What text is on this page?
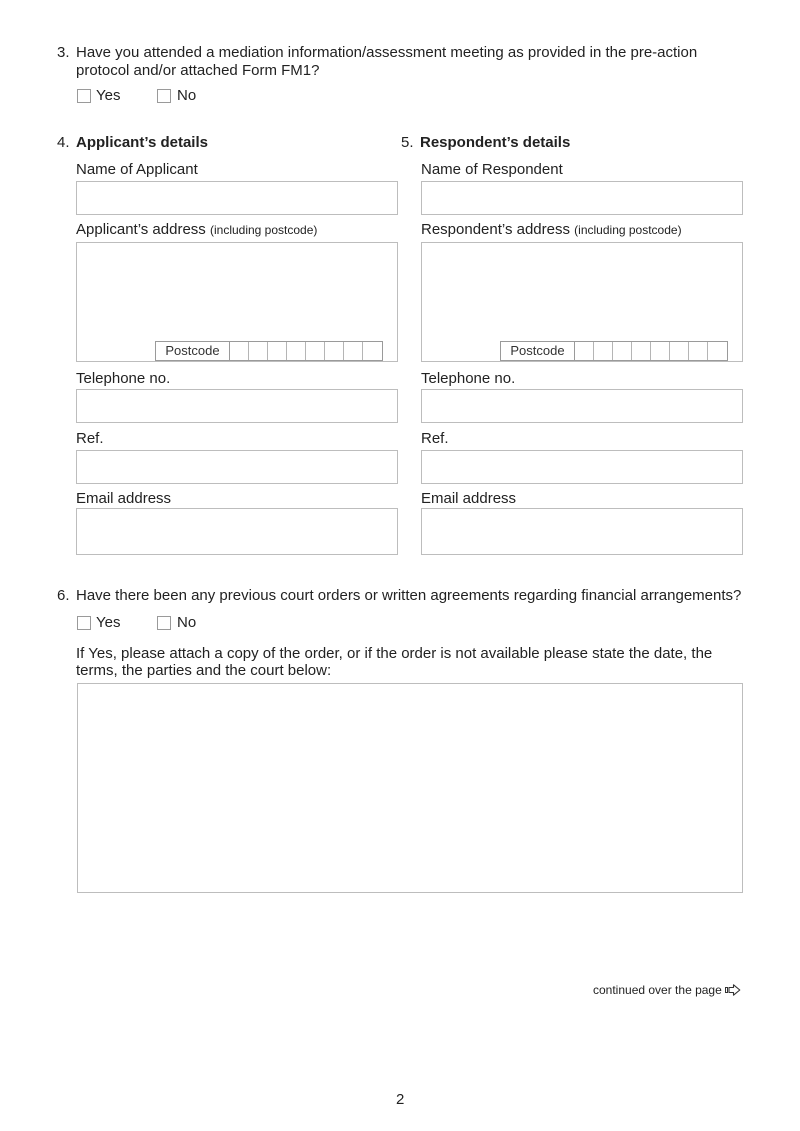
3. Have you attended a mediation information/assessment meeting as provided in the pre-action
protocol and/or attached Form FM1?
Yes	No
4. Applicant’s details
Name of Applicant
Applicant’s address (including postcode)
Postcode
Telephone no.
Ref.
Email address
5. Respondent’s details
Name of Respondent
Respondent’s address (including postcode)
Postcode
Telephone no.
Ref.
Email address
6. Have there been any previous court orders or written agreements regarding financial arrangements?
Yes	No
If Yes, please attach a copy of the order, or if the order is not available please state the date, the
terms, the parties and the court below:
continued over the page
2
